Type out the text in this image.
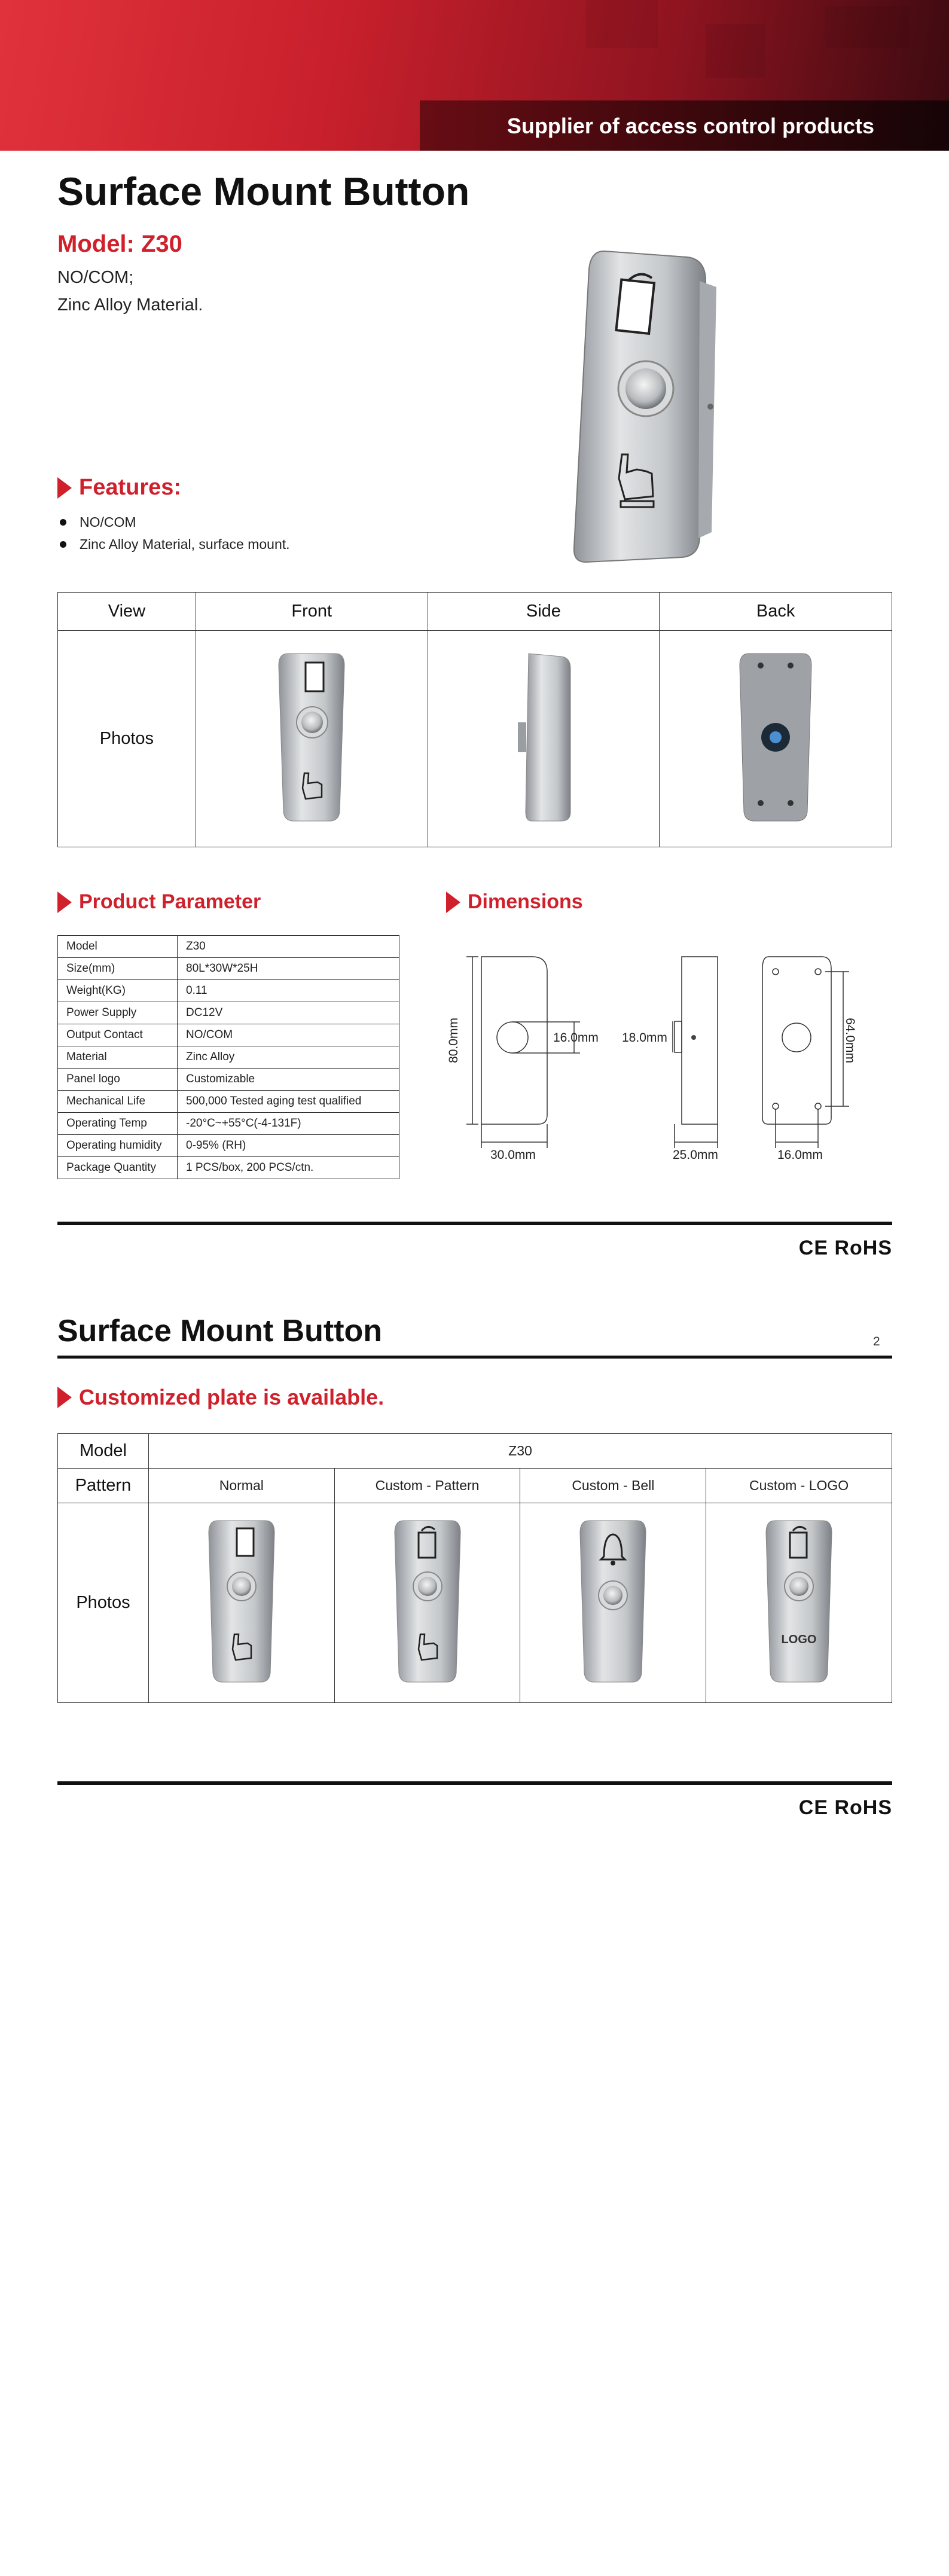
Supplier of access control products
Surface Mount Button
Model: Z30
NO/COM;
Zinc Alloy Material.
Features:
NO/COM
Zinc Alloy Material, surface mount.
View	Front	Side	Back
Photos			
Product Parameter
Model	Z30
Size(mm)	80L*30W*25H
Weight(KG)	0.11
Power Supply	DC12V
Output Contact	NO/COM
Material	Zinc Alloy
Panel logo	Customizable
Mechanical Life	500,000 Tested aging test qualified
Operating Temp	-20°C~+55°C(-4-131F)
Operating humidity	0-95% (RH)
Package Quantity	1 PCS/box, 200 PCS/ctn.
Dimensions
80.0mm	16.0mm
30.0mm
18.0mm
25.0mm
64.0mm
16.0mm
CE RoHS
Surface Mount Button	2
Customized plate is available.
Model	Z30			
Pattern	Normal	Custom - Pattern	Custom - Bell	Custom - LOGO
Photos				LOGO
CE RoHS
